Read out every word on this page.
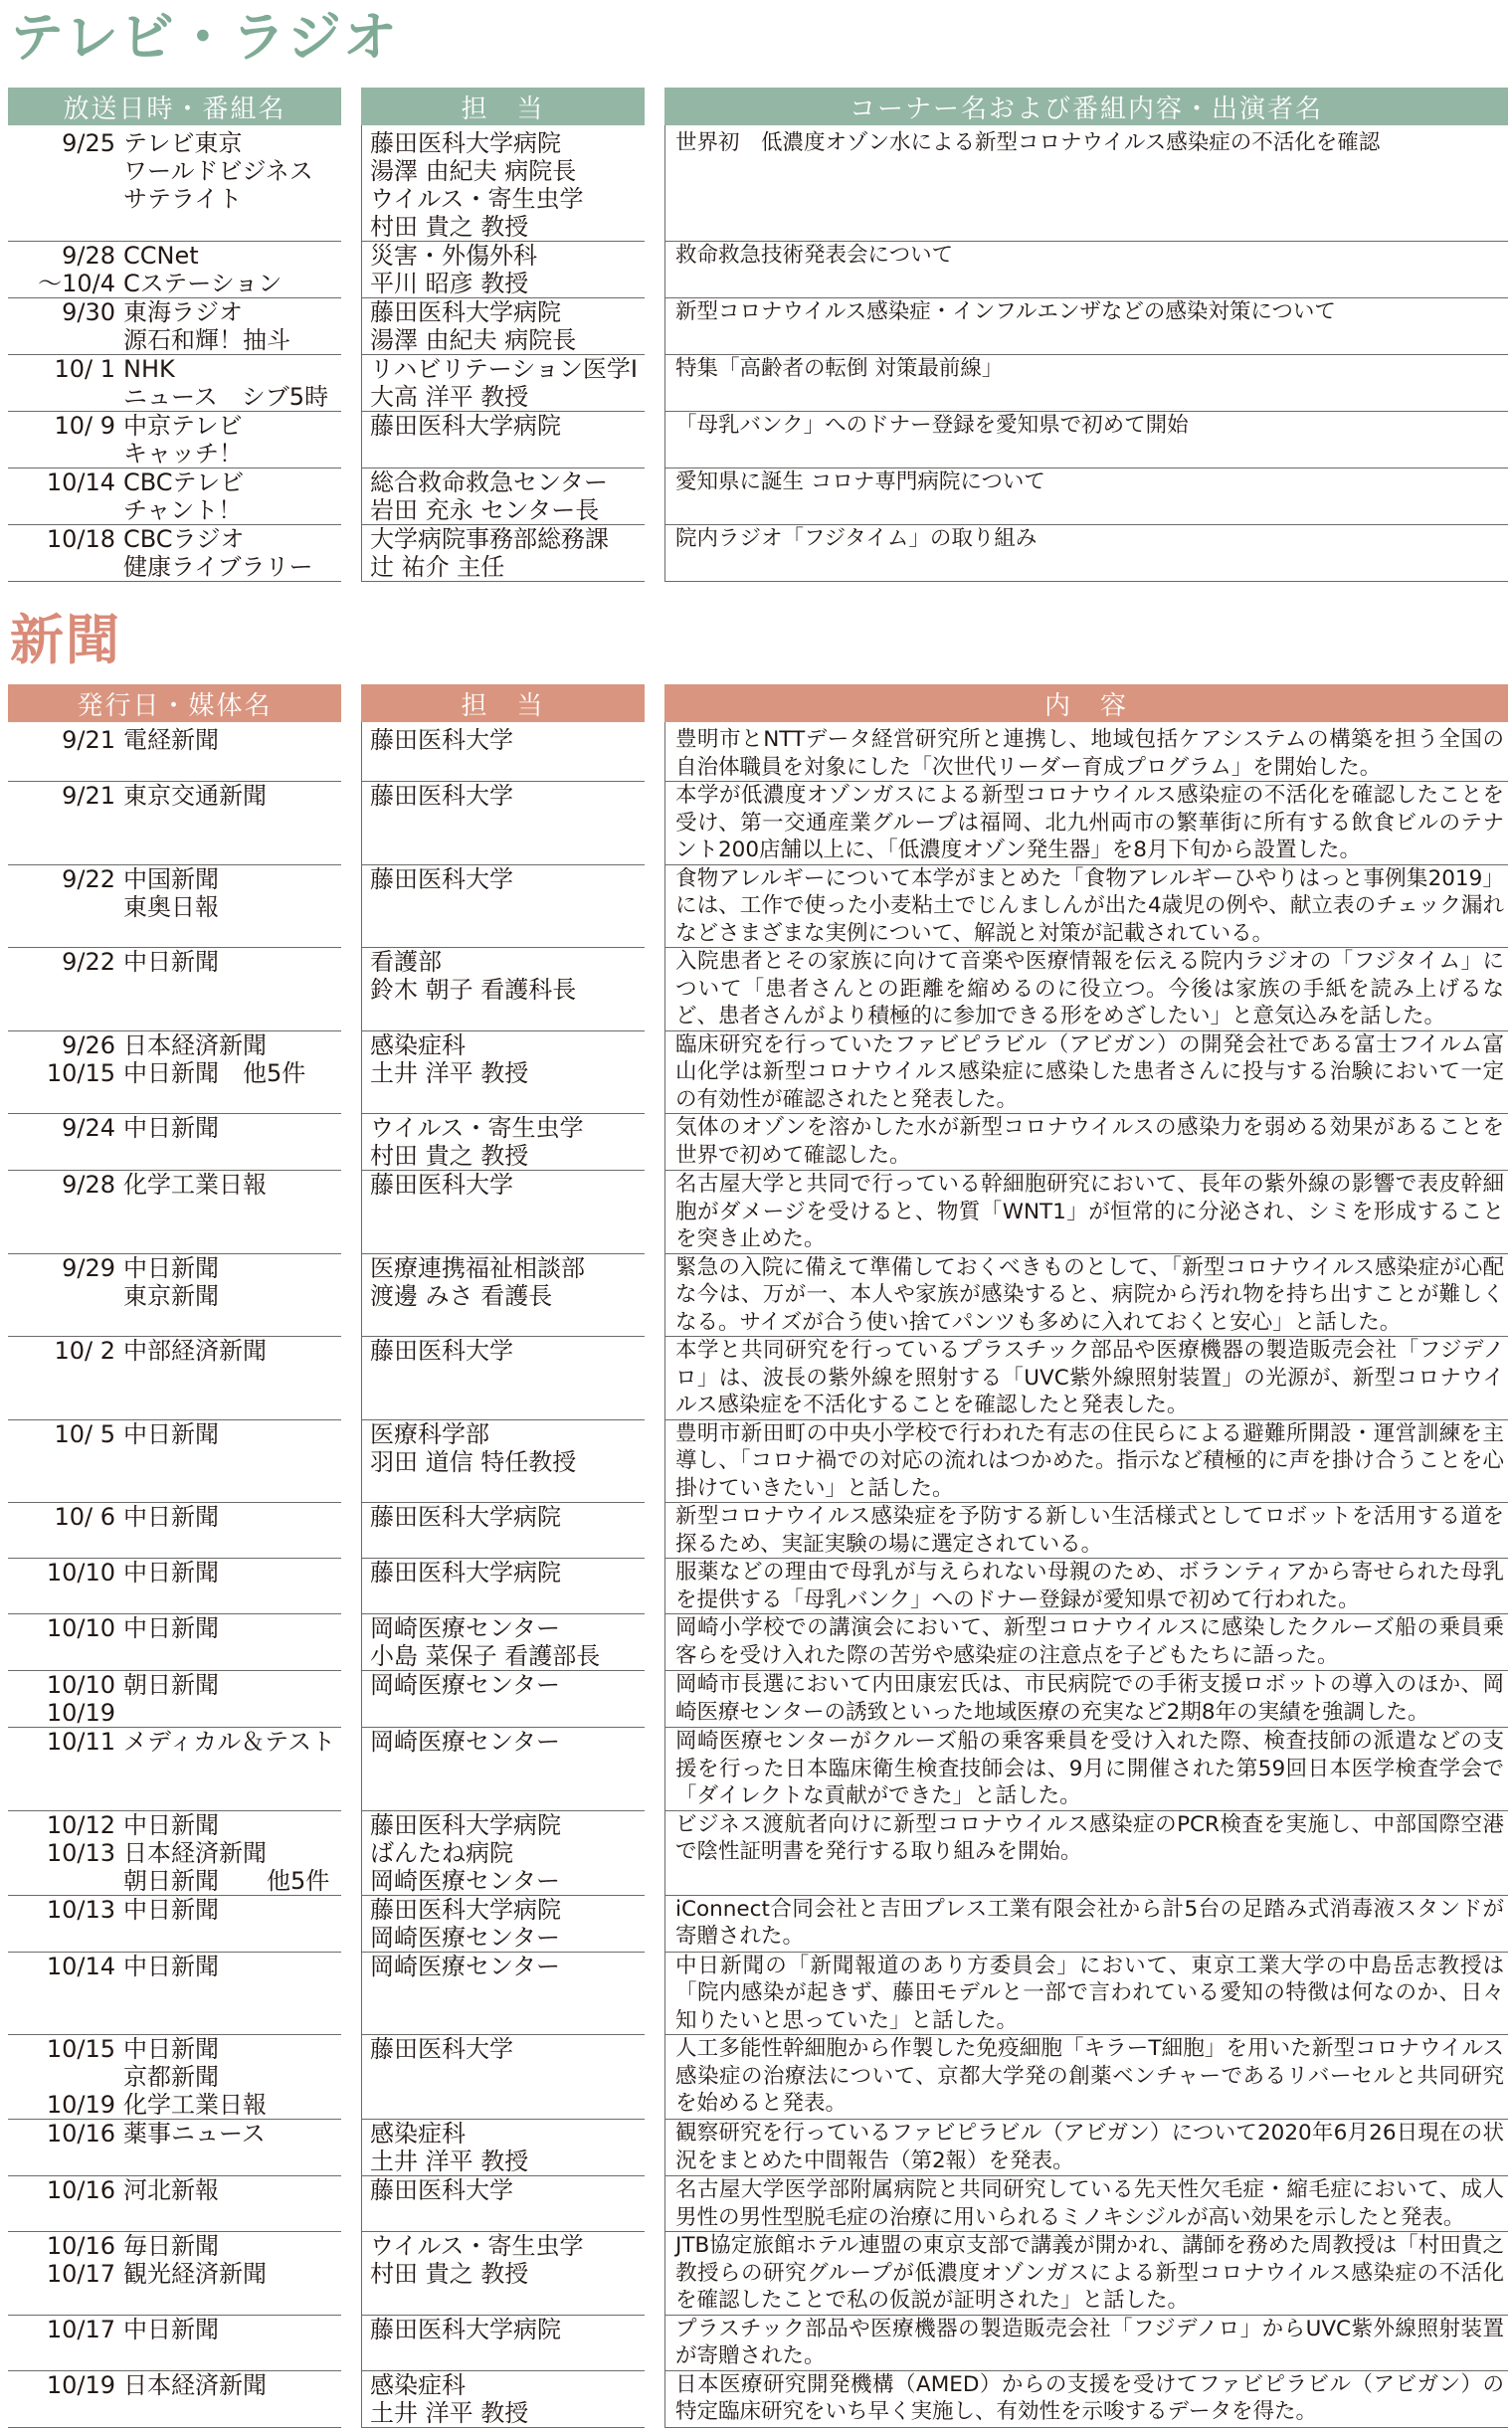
テレビ・ラジオ
放送日時・番組名		担　当		コーナー名および番組内容・出演者名

9/25 テレビ東京
ワールドビジネス
サテライト		藤田医科大学病院
湯澤 由紀夫 病院長
ウイルス・寄生虫学
村田 貴之 教授		世界初　低濃度オゾン水による新型コロナウイルス感染症の不活化を確認

9/28
～10/4
CCNet
Cステーション		災害・外傷外科
平川 昭彦 教授		救命救急技術発表会について

9/30 東海ラジオ
源石和輝！抽斗		藤田医科大学病院
湯澤 由紀夫 病院長		新型コロナウイルス感染症・インフルエンザなどの感染対策について

10/ 1 NHK
ニュース　シブ5時		リハビリテーション医学Ⅰ
大高 洋平 教授		特集「高齢者の転倒 対策最前線」

10/ 9 中京テレビ
キャッチ！		藤田医科大学病院		「母乳バンク」へのドナー登録を愛知県で初めて開始

10/14 CBCテレビ
チャント！		総合救命救急センター
岩田 充永 センター長		愛知県に誕生 コロナ専門病院について

10/18 CBCラジオ
健康ライブラリー		大学病院事務部総務課
辻 祐介 主任		院内ラジオ「フジタイム」の取り組み
新聞
発行日・媒体名		担　当		内　容

9/21 電経新聞		藤田医科大学		豊明市とNTTデータ経営研究所と連携し、地域包括ケアシステムの構築を担う全国の自治体職員を対象にした「次世代リーダー育成プログラム」を開始した。

9/21 東京交通新聞		藤田医科大学		本学が低濃度オゾンガスによる新型コロナウイルス感染症の不活化を確認したことを受け、第一交通産業グループは福岡、北九州両市の繁華街に所有する飲食ビルのテナント200店舗以上に、「低濃度オゾン発生器」を8月下旬から設置した。

9/22 中国新聞
東奥日報		藤田医科大学		食物アレルギーについて本学がまとめた「食物アレルギーひやりはっと事例集2019」には、工作で使った小麦粘土でじんましんが出た4歳児の例や、献立表のチェック漏れなどさまざまな実例について、解説と対策が記載されている。

9/22 中日新聞		看護部
鈴木 朝子 看護科長		入院患者とその家族に向けて音楽や医療情報を伝える院内ラジオの「フジタイム」について「患者さんとの距離を縮めるのに役立つ。今後は家族の手紙を読み上げるなど、患者さんがより積極的に参加できる形をめざしたい」と意気込みを話した。

9/26
10/15
日本経済新聞
中日新聞　他5件		感染症科
土井 洋平 教授		臨床研究を行っていたファビピラビル（アビガン）の開発会社である富士フイルム富山化学は新型コロナウイルス感染症に感染した患者さんに投与する治験において一定の有効性が確認されたと発表した。

9/24 中日新聞		ウイルス・寄生虫学
村田 貴之 教授		気体のオゾンを溶かした水が新型コロナウイルスの感染力を弱める効果があることを世界で初めて確認した。

9/28 化学工業日報		藤田医科大学		名古屋大学と共同で行っている幹細胞研究において、長年の紫外線の影響で表皮幹細胞がダメージを受けると、物質「WNT1」が恒常的に分泌され、シミを形成することを突き止めた。

9/29 中日新聞
東京新聞		医療連携福祉相談部
渡邊 みさ 看護長		緊急の入院に備えて準備しておくべきものとして、「新型コロナウイルス感染症が心配な今は、万が一、本人や家族が感染すると、病院から汚れ物を持ち出すことが難しくなる。サイズが合う使い捨てパンツも多めに入れておくと安心」と話した。

10/ 2 中部経済新聞		藤田医科大学		本学と共同研究を行っているプラスチック部品や医療機器の製造販売会社「フジデノロ」は、波長の紫外線を照射する「UVC紫外線照射装置」の光源が、新型コロナウイルス感染症を不活化することを確認したと発表した。

10/ 5 中日新聞		医療科学部
羽田 道信 特任教授		豊明市新田町の中央小学校で行われた有志の住民らによる避難所開設・運営訓練を主導し、「コロナ禍での対応の流れはつかめた。指示など積極的に声を掛け合うことを心掛けていきたい」と話した。

10/ 6 中日新聞		藤田医科大学病院		新型コロナウイルス感染症を予防する新しい生活様式としてロボットを活用する道を探るため、実証実験の場に選定されている。

10/10 中日新聞		藤田医科大学病院		服薬などの理由で母乳が与えられない母親のため、ボランティアから寄せられた母乳を提供する「母乳バンク」へのドナー登録が愛知県で初めて行われた。

10/10 中日新聞		岡崎医療センター
小島 菜保子 看護部長		岡崎小学校での講演会において、新型コロナウイルスに感染したクルーズ船の乗員乗客らを受け入れた際の苦労や感染症の注意点を子どもたちに語った。

10/10
10/19
朝日新聞		岡崎医療センター		岡崎市長選において内田康宏氏は、市民病院での手術支援ロボットの導入のほか、岡崎医療センターの誘致といった地域医療の充実など2期8年の実績を強調した。

10/11 メディカル＆テスト		岡崎医療センター		岡崎医療センターがクルーズ船の乗客乗員を受け入れた際、検査技師の派遣などの支援を行った日本臨床衛生検査技師会は、9月に開催された第59回日本医学検査学会で「ダイレクトな貢献ができた」と話した。

10/12
10/13
中日新聞
日本経済新聞
朝日新聞　　他5件		藤田医科大学病院
ばんたね病院
岡崎医療センター		ビジネス渡航者向けに新型コロナウイルス感染症のPCR検査を実施し、中部国際空港で陰性証明書を発行する取り組みを開始。

10/13 中日新聞		藤田医科大学病院
岡崎医療センター		iConnect合同会社と吉田プレス工業有限会社から計5台の足踏み式消毒液スタンドが寄贈された。

10/14 中日新聞		岡崎医療センター		中日新聞の「新聞報道のあり方委員会」において、東京工業大学の中島岳志教授は「院内感染が起きず、藤田モデルと一部で言われている愛知の特徴は何なのか、日々知りたいと思っていた」と話した。

10/15

10/19
中日新聞
京都新聞
化学工業日報		藤田医科大学		人工多能性幹細胞から作製した免疫細胞「キラーT細胞」を用いた新型コロナウイルス感染症の治療法について、京都大学発の創薬ベンチャーであるリバーセルと共同研究を始めると発表。

10/16 薬事ニュース		感染症科
土井 洋平 教授		観察研究を行っているファビピラビル（アビガン）について2020年6月26日現在の状況をまとめた中間報告（第2報）を発表。

10/16 河北新報		藤田医科大学		名古屋大学医学部附属病院と共同研究している先天性欠毛症・縮毛症において、成人男性の男性型脱毛症の治療に用いられるミノキシジルが高い効果を示したと発表。

10/16
10/17
毎日新聞
観光経済新聞		ウイルス・寄生虫学
村田 貴之 教授		JTB協定旅館ホテル連盟の東京支部で講義が開かれ、講師を務めた周教授は「村田貴之教授らの研究グループが低濃度オゾンガスによる新型コロナウイルス感染症の不活化を確認したことで私の仮説が証明された」と話した。

10/17 中日新聞		藤田医科大学病院		プラスチック部品や医療機器の製造販売会社「フジデノロ」からUVC紫外線照射装置が寄贈された。

10/19 日本経済新聞		感染症科
土井 洋平 教授		日本医療研究開発機構（AMED）からの支援を受けてファビピラビル（アビガン）の特定臨床研究をいち早く実施し、有効性を示唆するデータを得た。
